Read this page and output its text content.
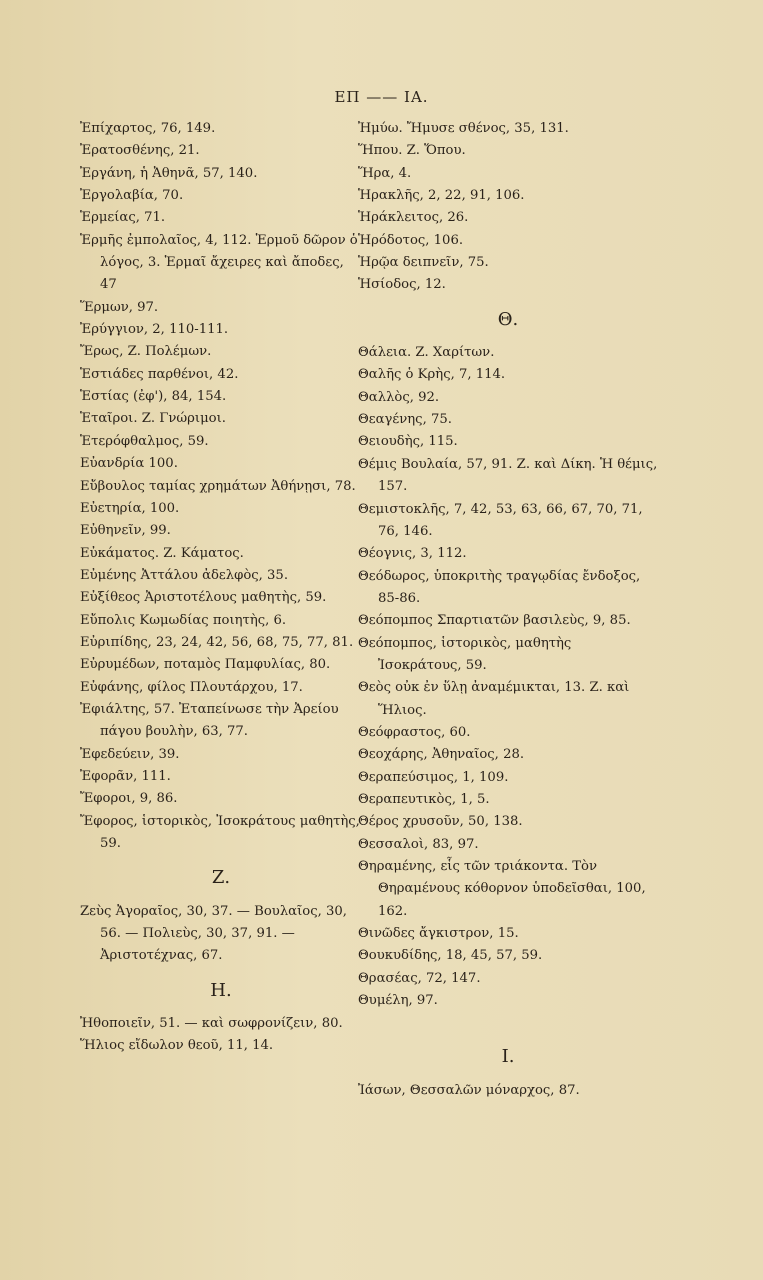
ΕΠ —— ΙΑ.
Ἐπίχαρτος, 76, 149.
Ἐρατοσθένης, 21.
Ἐργάνη, ἡ Ἀθηνᾶ, 57, 140.
Ἐργολαβία, 70.
Ἑρμείας, 71.
Ἑρμῆς ἐμπολαῖος, 4, 112. Ἑρμοῦ δῶρον ὁ λόγος, 3. Ἑρμαῖ ἄχειρες καὶ ἄποδες, 47
Ἕρμων, 97.
Ἐρύγγιον, 2, 110-111.
Ἔρως, Ζ. Πολέμων.
Ἑστιάδες παρθένοι, 42.
Ἑστίας (ἐφ'), 84, 154.
Ἑταῖροι. Ζ. Γνώριμοι.
Ἑτερόφθαλμος, 59.
Εὐανδρία 100.
Εὔβουλος ταμίας χρημάτων Ἀθήνῃσι, 78.
Εὐετηρία, 100.
Εὐθηνεῖν, 99.
Εὐκάματος. Ζ. Κάματος.
Εὐμένης Ἀττάλου ἀδελφὸς, 35.
Εὐξίθεος Ἀριστοτέλους μαθητὴς, 59.
Εὔπολις Κωμωδίας ποιητὴς, 6.
Εὐριπίδης, 23, 24, 42, 56, 68, 75, 77, 81.
Εὐρυμέδων, ποταμὸς Παμφυλίας, 80.
Εὐφάνης, φίλος Πλουτάρχου, 17.
Ἐφιάλτης, 57. Ἐταπείνωσε τὴν Ἀρείου πάγου βουλὴν, 63, 77.
Ἐφεδεύειν, 39.
Ἐφορᾶν, 111.
Ἔφοροι, 9, 86.
Ἔφορος, ἱστορικὸς, Ἰσοκράτους μαθητὴς, 59.
Ζ.
Ζεὺς Ἀγοραῖος, 30, 37. — Βουλαῖος, 30, 56. — Πολιεὺς, 30, 37, 91. — Ἀριστοτέχνας, 67.
Η.
Ἠθοποιεῖν, 51. — καὶ σωφρονίζειν, 80.
Ἥλιος εἴδωλον θεοῦ, 11, 14.
Ἠμύω. Ἤμυσε σθένος, 35, 131.
Ἥπου. Ζ. Ὅπου.
Ἥρα, 4.
Ἡρακλῆς, 2, 22, 91, 106.
Ἡράκλειτος, 26.
Ἡρόδοτος, 106.
Ἡρῷα δειπνεῖν, 75.
Ἡσίοδος, 12.
Θ.
Θάλεια. Ζ. Χαρίτων.
Θαλῆς ὁ Κρὴς, 7, 114.
Θαλλὸς, 92.
Θεαγένης, 75.
Θειουδὴς, 115.
Θέμις Βουλαία, 57, 91. Ζ. καὶ Δίκη. Ἡ θέμις, 157.
Θεμιστοκλῆς, 7, 42, 53, 63, 66, 67, 70, 71, 76, 146.
Θέογνις, 3, 112.
Θεόδωρος, ὑποκριτὴς τραγῳδίας ἔνδοξος, 85-86.
Θεόπομπος Σπαρτιατῶν βασιλεὺς, 9, 85.
Θεόπομπος, ἱστορικὸς, μαθητὴς Ἰσοκράτους, 59.
Θεὸς οὐκ ἐν ὕλῃ ἀναμέμικται, 13. Ζ. καὶ Ἥλιος.
Θεόφραστος, 60.
Θεοχάρης, Ἀθηναῖος, 28.
Θεραπεύσιμος, 1, 109.
Θεραπευτικὸς, 1, 5.
Θέρος χρυσοῦν, 50, 138.
Θεσσαλοὶ, 83, 97.
Θηραμένης, εἷς τῶν τριάκοντα. Τὸν Θηραμένους κόθορνον ὑποδεῖσθαι, 100, 162.
Θινῶδες ἄγκιστρον, 15.
Θουκυδίδης, 18, 45, 57, 59.
Θρασέας, 72, 147.
Θυμέλη, 97.
Ι.
Ἰάσων, Θεσσαλῶν μόναρχος, 87.
